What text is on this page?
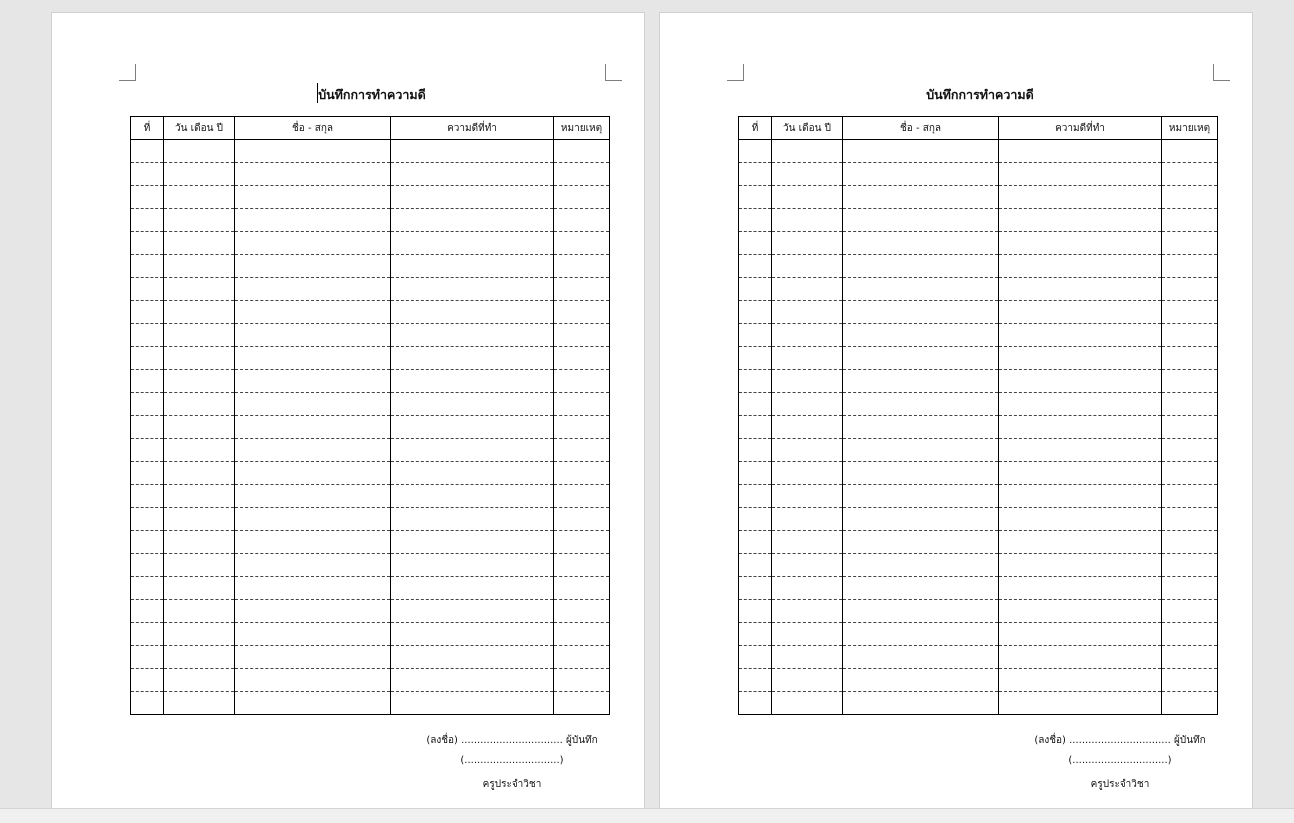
บันทึกการทำความดี
ที่	วัน เดือน ปี	ชื่อ - สกุล	ความดีที่ทำ	หมายเหตุ

(ลงชื่อ) ................................ ผู้บันทึก
(..............................)
ครูประจำวิชา
บันทึกการทำความดี
ที่	วัน เดือน ปี	ชื่อ - สกุล	ความดีที่ทำ	หมายเหตุ

(ลงชื่อ) ................................ ผู้บันทึก
(..............................)
ครูประจำวิชา
